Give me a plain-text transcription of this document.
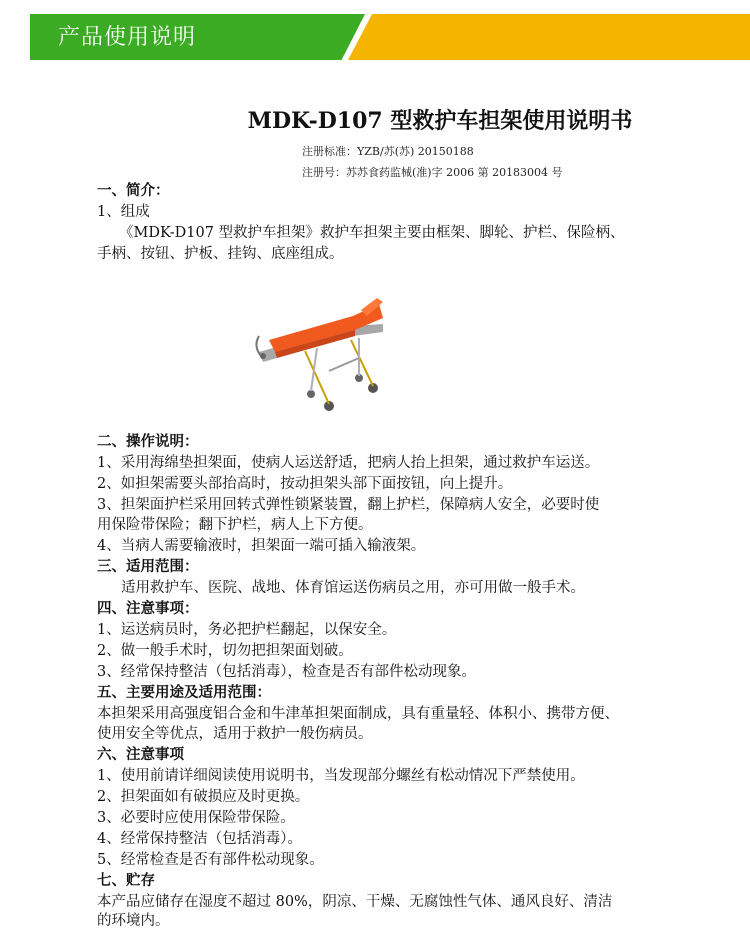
产品使用说明
MDK-D107 型救护车担架使用说明书
注册标准：YZB/苏(苏) 20150188
注册号：苏苏食药监械(准)字 2006 第 20183004 号
一、简介：
1、组成
《MDK-D107 型救护车担架》救护车担架主要由框架、脚轮、护栏、保险柄、
手柄、按钮、护板、挂钩、底座组成。
二、操作说明：
1、采用海绵垫担架面，使病人运送舒适，把病人抬上担架，通过救护车运送。
2、如担架需要头部抬高时，按动担架头部下面按钮，向上提升。
3、担架面护栏采用回转式弹性锁紧装置，翻上护栏，保障病人安全，必要时使
用保险带保险；翻下护栏，病人上下方便。
4、当病人需要输液时，担架面一端可插入输液架。
三、适用范围：
适用救护车、医院、战地、体育馆运送伤病员之用，亦可用做一般手术。
四、注意事项：
1、运送病员时，务必把护栏翻起，以保安全。
2、做一般手术时，切勿把担架面划破。
3、经常保持整洁（包括消毒），检查是否有部件松动现象。
五、主要用途及适用范围：
本担架采用高强度铝合金和牛津革担架面制成，具有重量轻、体积小、携带方便、
使用安全等优点，适用于救护一般伤病员。
六、注意事项
1、使用前请详细阅读使用说明书，当发现部分螺丝有松动情况下严禁使用。
2、担架面如有破损应及时更换。
3、必要时应使用保险带保险。
4、经常保持整洁（包括消毒）。
5、经常检查是否有部件松动现象。
七、贮存
本产品应储存在湿度不超过 80%，阴凉、干燥、无腐蚀性气体、通风良好、清洁
的环境内。
